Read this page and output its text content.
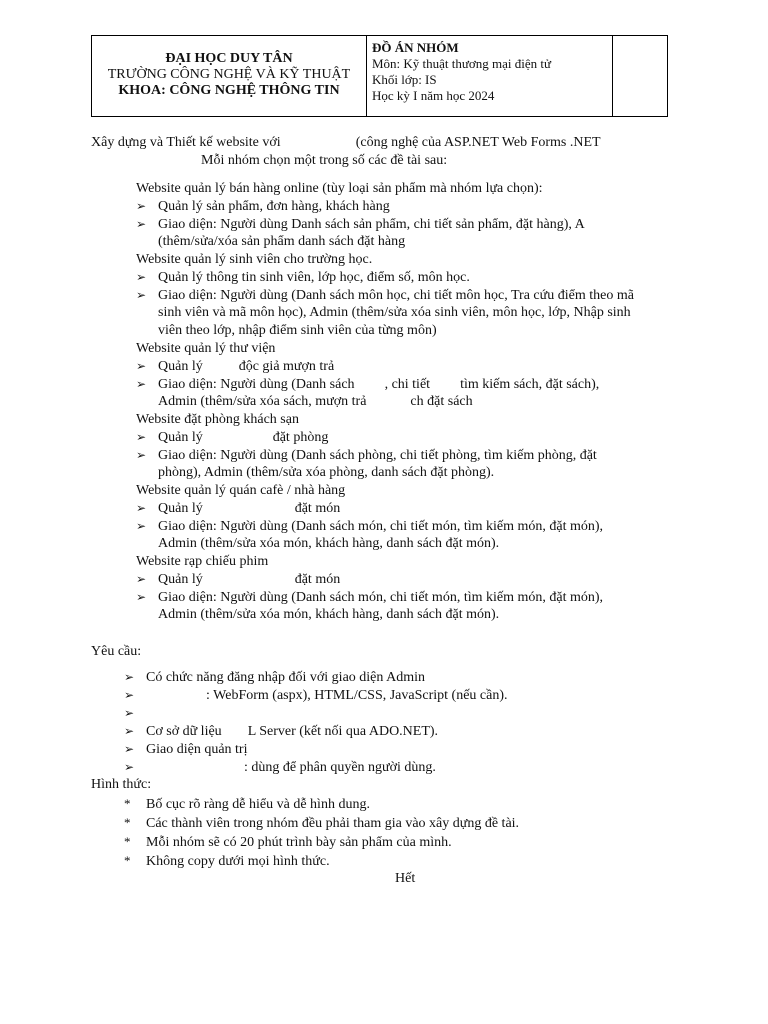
ĐẠI HỌC DUY TÂN
TRƯỜNG CÔNG NGHỆ VÀ KỸ THUẬT
KHOA: CÔNG NGHỆ THÔNG TIN

ĐỒ ÁN NHÓM
Môn: Kỹ thuật thương mại điện tử
Khối lớp: IS
Học kỳ I năm học 2024

Xây dựng và Thiết kế website với	(công nghệ của ASP.NET Web Forms .NET
Mỗi nhóm chọn một trong số các đề tài sau:
Website quản lý bán hàng online (tùy loại sản phẩm mà nhóm lựa chọn):
➢ Quản lý sản phẩm, đơn hàng, khách hàng
➢ Giao diện: Người dùng Danh sách sản phẩm, chi tiết sản phẩm, đặt hàng), A
(thêm/sửa/xóa sản phẩm danh sách đặt hàng
Website quản lý sinh viên cho trường học.
➢ Quản lý thông tin sinh viên, lớp học, điểm số, môn học.
➢ Giao diện: Người dùng (Danh sách môn học, chi tiết môn học, Tra cứu điểm theo mã
sinh viên và mã môn học), Admin (thêm/sửa xóa sinh viên, môn học, lớp, Nhập sinh
viên theo lớp, nhập điểm sinh viên của từng môn)
Website quản lý thư viện
➢ Quản lý	độc giả mượn trả
➢ Giao diện: Người dùng (Danh sách , chi tiết tìm kiếm sách, đặt sách),
Admin (thêm/sửa xóa sách, mượn trả	ch đặt sách
Website đặt phòng khách sạn
➢ Quản lý	đặt phòng
➢ Giao diện: Người dùng (Danh sách phòng, chi tiết phòng, tìm kiếm phòng, đặt
phòng), Admin (thêm/sửa xóa phòng, danh sách đặt phòng).
Website quản lý quán cafè / nhà hàng
➢ Quản lý	đặt món
➢ Giao diện: Người dùng (Danh sách món, chi tiết món, tìm kiếm món, đặt món),
Admin (thêm/sửa xóa món, khách hàng, danh sách đặt món).
Website rạp chiếu phim
➢ Quản lý	đặt món
➢ Giao diện: Người dùng (Danh sách món, chi tiết món, tìm kiếm món, đặt món),
Admin (thêm/sửa xóa món, khách hàng, danh sách đặt món).
Yêu cầu:
➢ Có chức năng đăng nhập đối với giao diện Admin
➢	: WebForm (aspx), HTML/CSS, JavaScript (nếu cần).
➢
➢ Cơ sở dữ liệu L Server (kết nối qua ADO.NET).
➢ Giao diện quản trị
➢	: dùng để phân quyền người dùng.
Hình thức:
* Bố cục rõ ràng dễ hiểu và dễ hình dung.
* Các thành viên trong nhóm đều phải tham gia vào xây dựng đề tài.
* Mỗi nhóm sẽ có 20 phút trình bày sản phẩm của mình.
* Không copy dưới mọi hình thức.
Hết
